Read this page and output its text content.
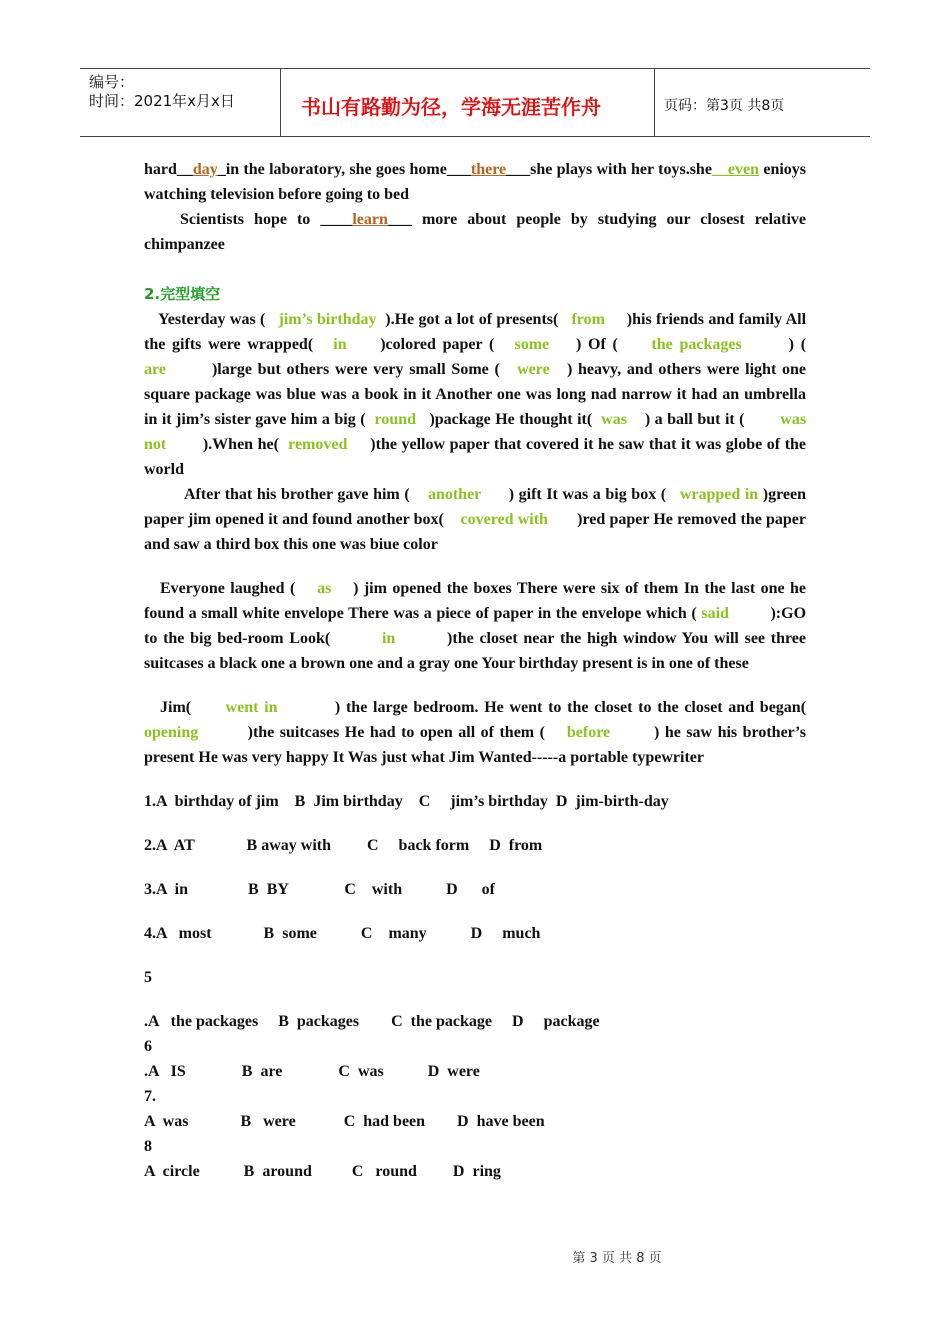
编号：
时间：2021年x月x日	书山有路勤为径，学海无涯苦作舟	页码：第3页 共8页

hard__day_in the laboratory, she goes home___there___she plays with her toys.she__even enioys watching television before going to bed

Scientists hope to ____learn___ more about people by studying our closest relative chimpanzee

2.完型填空

Yesterday was ( jim’s birthday ).He got a lot of presents( from )his friends and family All the gifts were wrapped( in )colored paper ( some ) Of ( the packages	) ( are	)large but others were very small Some ( were ) heavy, and others were light one square package was blue was a book in it Another one was long nad narrow it had an umbrella in it jim’s sister gave him a big ( round )package He thought it( was ) a ball but it ( was not ).When he( removed )the yellow paper that covered it he saw that it was globe of the world

After that his brother gave him ( another ) gift It was a big box ( wrapped in )green paper jim opened it and found another box( covered with )red paper He removed the paper and saw a third box this one was biue color

Everyone laughed ( as ) jim opened the boxes There were six of them In the last one he found a small white envelope There was a piece of paper in the envelope which ( said	):GO to the big bed-room Look(	in	)the closet near the high window You will see three suitcases a black one a brown one and a gray one Your birthday present is in one of these

Jim( went in	) the large bedroom. He went to the closet to the closet and began( opening	)the suitcases He had to open all of them ( before	) he saw his brother’s present He was very happy It Was just what Jim Wanted-----a portable typewriter

1.A  birthday of jim    B  Jim birthday    C     jim’s birthday  D  jim-birth-day

2.A  AT             B away with         C     back form     D  from

3.A  in               B  BY              C    with           D      of

4.A   most             B  some           C    many           D     much

5

.A   the packages     B  packages        C  the package     D     package

6

.A   IS              B  are              C  was           D  were

7.

A  was             B   were            C  had been        D  have been

8

A  circle           B  around          C   round         D  ring

第 3 页 共 8 页
